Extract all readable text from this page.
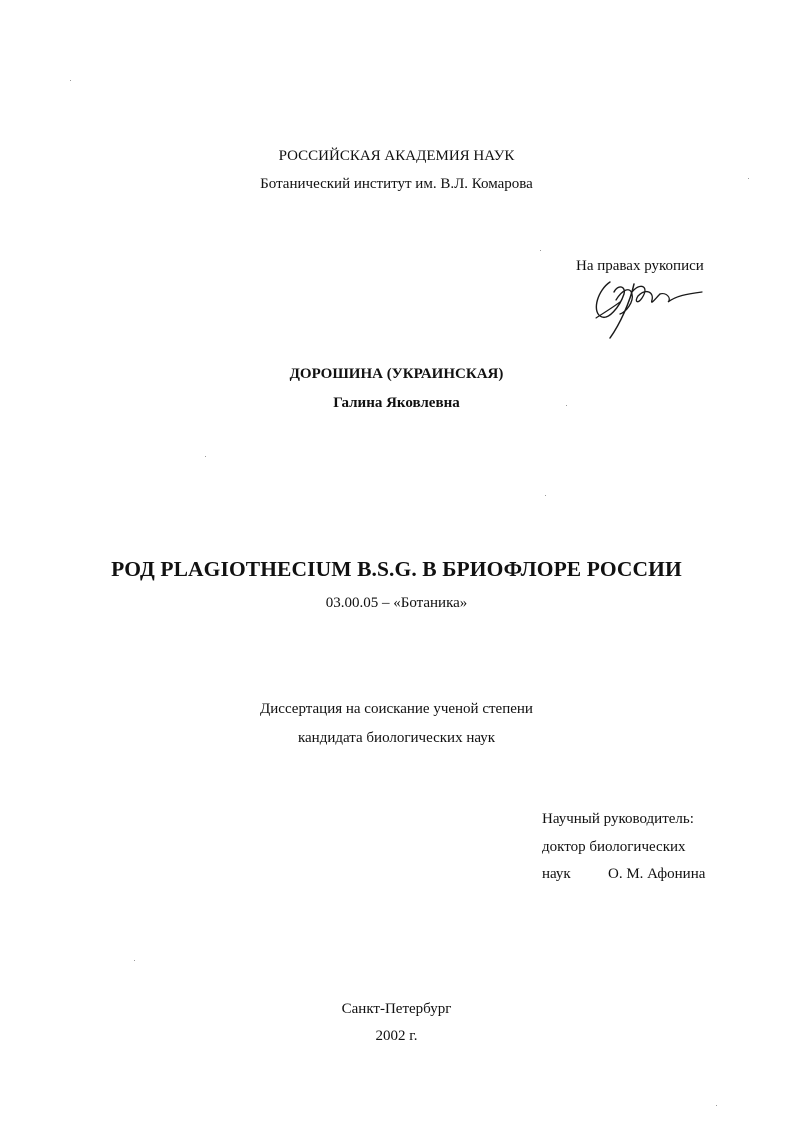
РОССИЙСКАЯ АКАДЕМИЯ НАУК
Ботанический институт им. В.Л. Комарова
На правах рукописи
ДОРОШИНА (УКРАИНСКАЯ)
Галина Яковлевна
РОД PLAGIOTHECIUM B.S.G. В БРИОФЛОРЕ РОССИИ
03.00.05 – «Ботаника»
Диссертация на соискание ученой степени
кандидата биологических наук
Научный руководитель:
доктор биологических
наук О. М. Афонина
Санкт-Петербург
2002 г.
